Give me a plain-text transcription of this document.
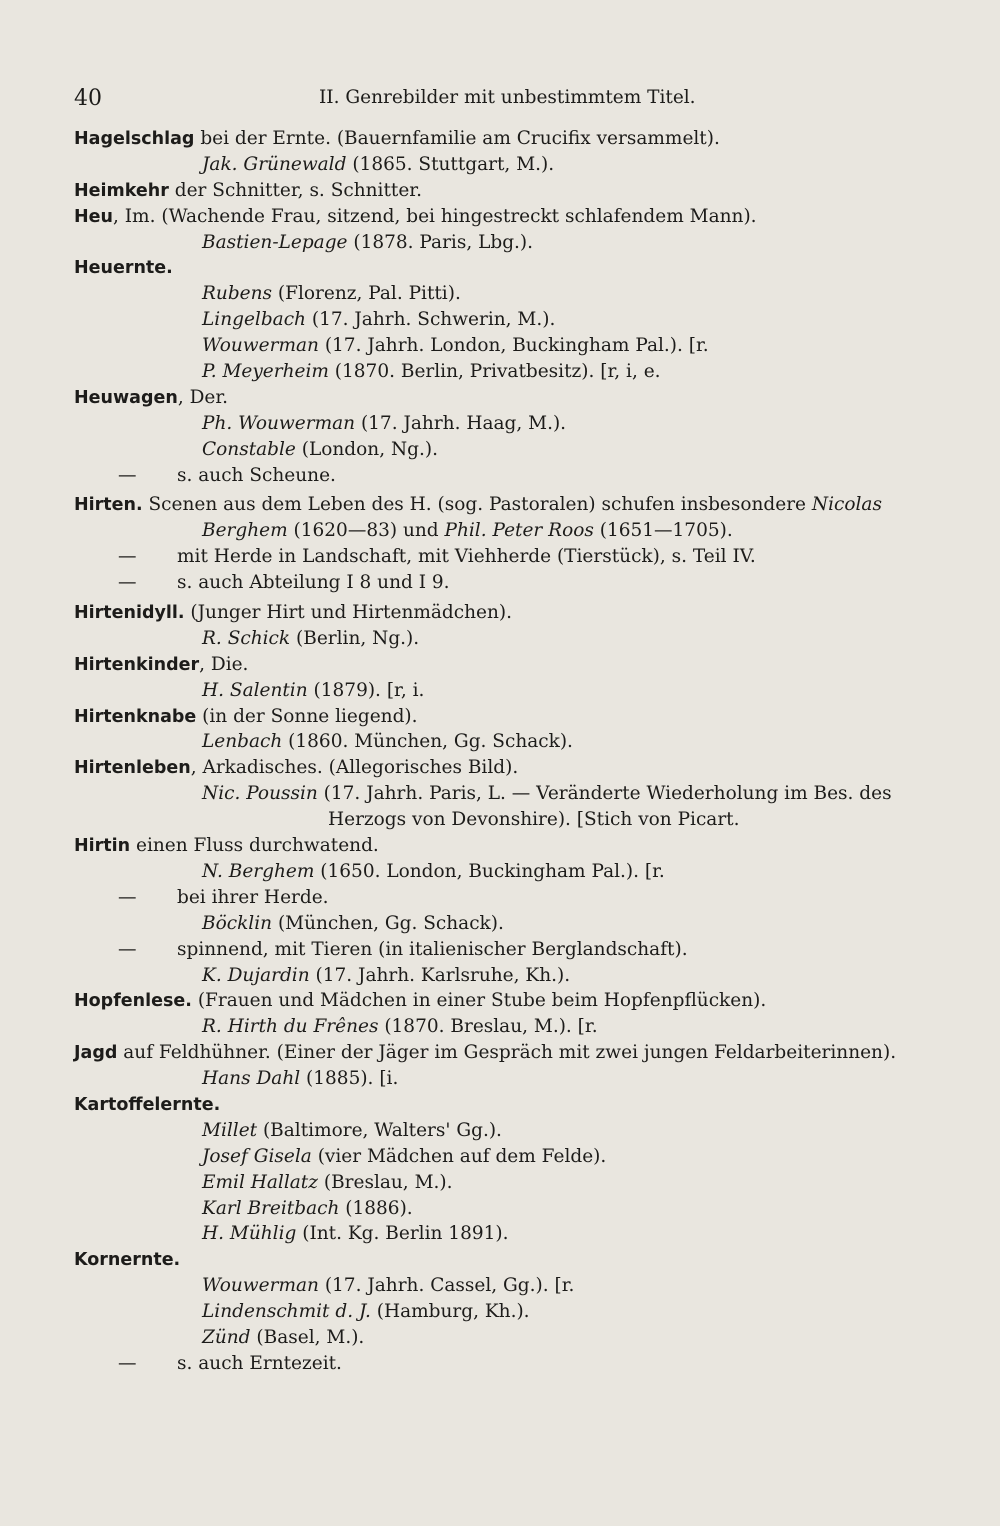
40	II. Genrebilder mit unbestimmtem Titel.
Hagelschlag bei der Ernte. (Bauernfamilie am Crucifix versammelt).
Jak. Grünewald (1865. Stuttgart, M.).
Heimkehr der Schnitter, s. Schnitter.
Heu, Im. (Wachende Frau, sitzend, bei hingestreckt schlafendem Mann).
Bastien-Lepage (1878. Paris, Lbg.).
Heuernte.
Rubens (Florenz, Pal. Pitti).
Lingelbach (17. Jahrh. Schwerin, M.).
Wouwerman (17. Jahrh. London, Buckingham Pal.). [r.
P. Meyerheim (1870. Berlin, Privatbesitz). [r, i, e.
Heuwagen, Der.
Ph. Wouwerman (17. Jahrh. Haag, M.).
Constable (London, Ng.).
— s. auch Scheune.
Hirten. Scenen aus dem Leben des H. (sog. Pastoralen) schufen insbesondere Nicolas
Berghem (1620—83) und Phil. Peter Roos (1651—1705).
— mit Herde in Landschaft, mit Viehherde (Tierstück), s. Teil IV.
— s. auch Abteilung I 8 und I 9.
Hirtenidyll. (Junger Hirt und Hirtenmädchen).
R. Schick (Berlin, Ng.).
Hirtenkinder, Die.
H. Salentin (1879). [r, i.
Hirtenknabe (in der Sonne liegend).
Lenbach (1860. München, Gg. Schack).
Hirtenleben, Arkadisches. (Allegorisches Bild).
Nic. Poussin (17. Jahrh. Paris, L. — Veränderte Wiederholung im Bes. des
Herzogs von Devonshire). [Stich von Picart.
Hirtin einen Fluss durchwatend.
N. Berghem (1650. London, Buckingham Pal.). [r.
— bei ihrer Herde.
Böcklin (München, Gg. Schack).
— spinnend, mit Tieren (in italienischer Berglandschaft).
K. Dujardin (17. Jahrh. Karlsruhe, Kh.).
Hopfenlese. (Frauen und Mädchen in einer Stube beim Hopfenpflücken).
R. Hirth du Frênes (1870. Breslau, M.). [r.
Jagd auf Feldhühner. (Einer der Jäger im Gespräch mit zwei jungen Feldarbeiterinnen).
Hans Dahl (1885). [i.
Kartoffelernte.
Millet (Baltimore, Walters' Gg.).
Josef Gisela (vier Mädchen auf dem Felde).
Emil Hallatz (Breslau, M.).
Karl Breitbach (1886).
H. Mühlig (Int. Kg. Berlin 1891).
Kornernte.
Wouwerman (17. Jahrh. Cassel, Gg.). [r.
Lindenschmit d. J. (Hamburg, Kh.).
Zünd (Basel, M.).
— s. auch Erntezeit.
